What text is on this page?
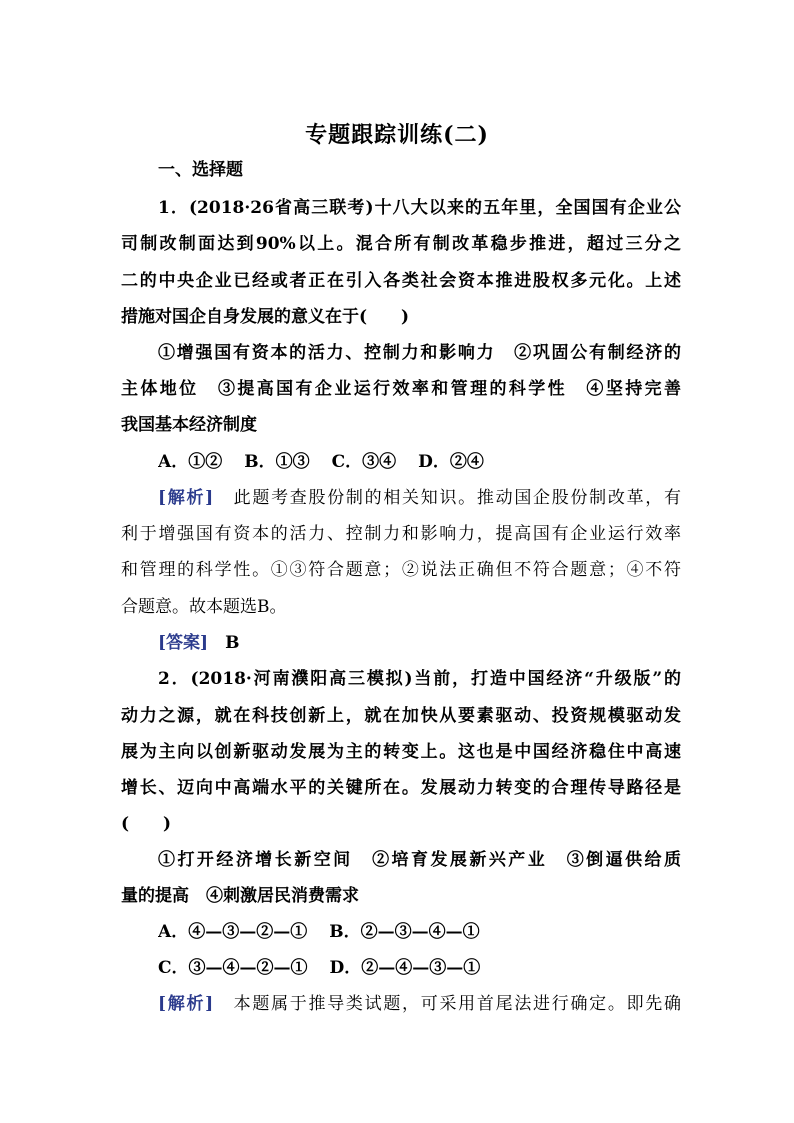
专题跟踪训练(二)
一、选择题
1．(2018·26省高三联考)十八大以来的五年里，全国国有企业公
司制改制面达到90%以上。混合所有制改革稳步推进，超过三分之
二的中央企业已经或者正在引入各类社会资本推进股权多元化。上述
措施对国企自身发展的意义在于(　　)
①增强国有资本的活力、控制力和影响力　②巩固公有制经济的
主体地位　③提高国有企业运行效率和管理的科学性　④坚持完善
我国基本经济制度
A．①② B．①③ C．③④ D．②④
[解析]　 此题考查股份制的相关知识。推动国企股份制改革，有
利于增强国有资本的活力、控制力和影响力，提高国有企业运行效率
和管理的科学性。①③符合题意；②说法正确但不符合题意；④不符
合题意。故本题选B。
[答案]　 B
2．(2018·河南濮阳高三模拟)当前，打造中国经济“升级版”的
动力之源，就在科技创新上，就在加快从要素驱动、投资规模驱动发
展为主向以创新驱动发展为主的转变上。这也是中国经济稳住中高速
增长、迈向中高端水平的关键所在。发展动力转变的合理传导路径是
(　　)
①打开经济增长新空间　②培育发展新兴产业　③倒逼供给质
量的提高　④刺激居民消费需求
A．④—③—②—① B．②—③—④—①
C．③—④—②—① D．②—④—③—①
[解析]　 本题属于推导类试题，可采用首尾法进行确定。即先确
